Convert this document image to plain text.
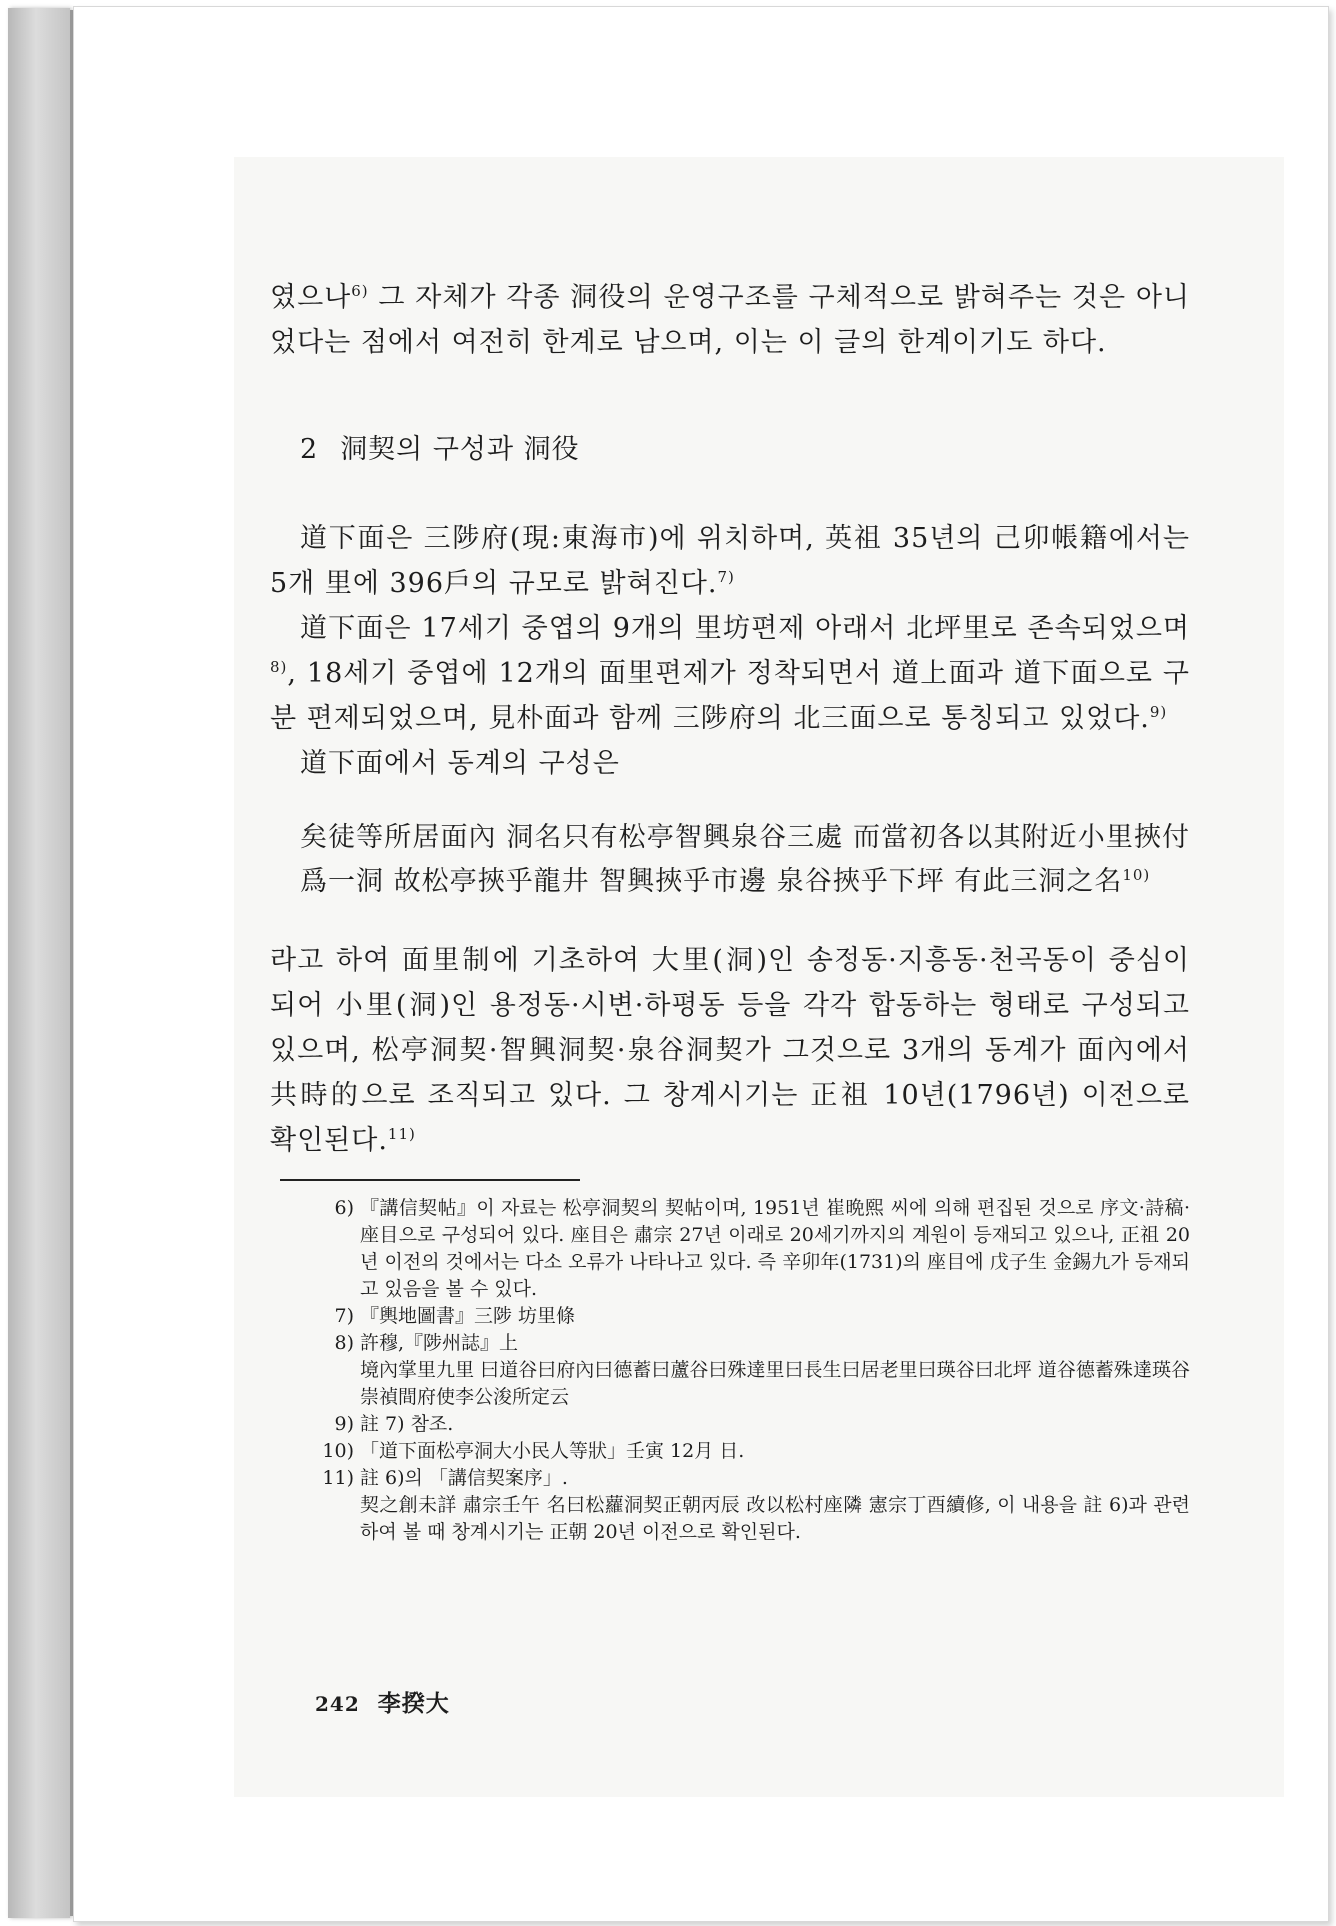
였으나$^{6)}$ 그 자체가 각종 洞役의 운영구조를 구체적으로 밝혀주는 것은 아니었다는 점에서 여전히 한계로 남으며, 이는 이 글의 한계이기도 하다.

2 洞契의 구성과 洞役

道下面은 三陟府(現:東海市)에 위치하며, 英祖 35년의 己卯帳籍에서는 5개 里에 396戶의 규모로 밝혀진다.$^{7)}$

道下面은 17세기 중엽의 9개의 里坊편제 아래서 北坪里로 존속되었으며$^{8)}$, 18세기 중엽에 12개의 面里편제가 정착되면서 道上面과 道下面으로 구분 편제되었으며, 見朴面과 함께 三陟府의 北三面으로 통칭되고 있었다.$^{9)}$

道下面에서 동계의 구성은

矣徒等所居面內 洞名只有松亭智興泉谷三處 而當初各以其附近小里挾付爲一洞 故松亭挾乎龍井 智興挾乎市邊 泉谷挾乎下坪 有此三洞之名$^{10)}$

라고 하여 面里制에 기초하여 大里(洞)인 송정동·지흥동·천곡동이 중심이 되어 小里(洞)인 용정동·시변·하평동 등을 각각 합동하는 형태로 구성되고 있으며, 松亭洞契·智興洞契·泉谷洞契가 그것으로 3개의 동계가 面內에서 共時的으로 조직되고 있다. 그 창계시기는 正祖 10년(1796년) 이전으로 확인된다.$^{11)}$

6) 『講信契帖』이 자료는 松亭洞契의 契帖이며, 1951년 崔晩熙 씨에 의해 편집된 것으로 序文·詩稿·座目으로 구성되어 있다. 座目은 肅宗 27년 이래로 20세기까지의 계원이 등재되고 있으나, 正祖 20년 이전의 것에서는 다소 오류가 나타나고 있다. 즉 辛卯年(1731)의 座目에 戊子生 金錫九가 등재되고 있음을 볼 수 있다.
7) 『輿地圖書』三陟 坊里條
8) 許穆,『陟州誌』上
境內掌里九里 曰道谷曰府內曰德蓄曰蘆谷曰殊達里曰長生曰居老里曰瑛谷曰北坪 道谷德蓄殊達瑛谷 崇禎間府使李公浚所定云
9) 註 7) 참조.
10) 「道下面松亭洞大小民人等狀」壬寅 12月 日.
11) 註 6)의 「講信契案序」.
契之創未詳 肅宗壬午 名曰松蘿洞契正朝丙辰 改以松村座隣 憲宗丁酉續修, 이 내용을 註 6)과 관련하여 볼 때 창계시기는 正朝 20년 이전으로 확인된다.
242 李揆大
